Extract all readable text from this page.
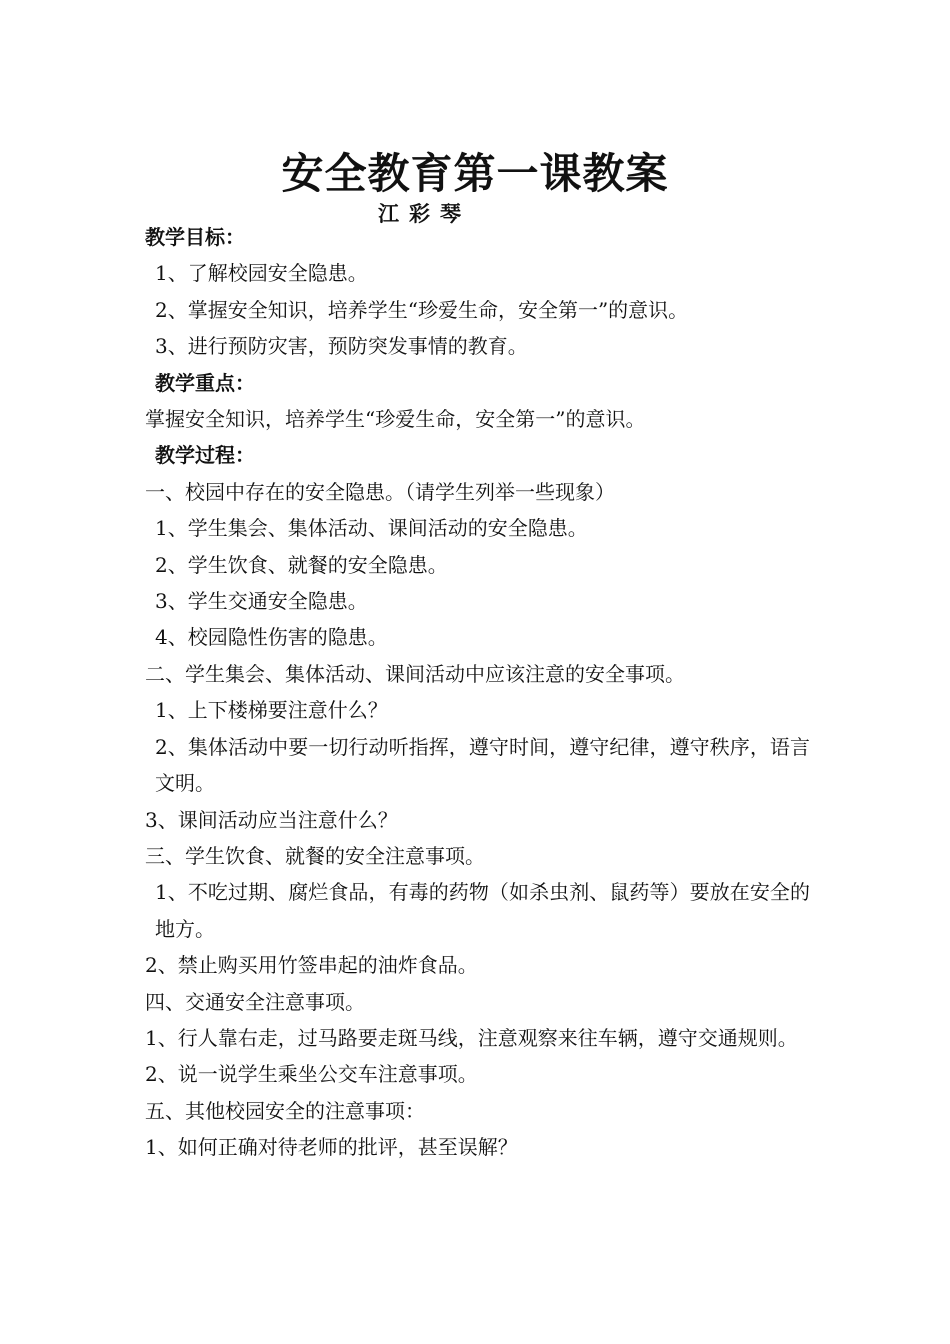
安全教育第一课教案
江彩琴
教学目标：
1、了解校园安全隐患。
2、掌握安全知识，培养学生“珍爱生命，安全第一”的意识。
3、进行预防灾害，预防突发事情的教育。
教学重点：
掌握安全知识，培养学生“珍爱生命，安全第一”的意识。
教学过程：
一、校园中存在的安全隐患。（请学生列举一些现象）
1、学生集会、集体活动、课间活动的安全隐患。
2、学生饮食、就餐的安全隐患。
3、学生交通安全隐患。
4、校园隐性伤害的隐患。
二、学生集会、集体活动、课间活动中应该注意的安全事项。
1、上下楼梯要注意什么？
2、集体活动中要一切行动听指挥，遵守时间，遵守纪律，遵守秩序，语言文明。
3、课间活动应当注意什么？
三、学生饮食、就餐的安全注意事项。
1、不吃过期、腐烂食品，有毒的药物（如杀虫剂、鼠药等）要放在安全的地方。
2、禁止购买用竹签串起的油炸食品。
四、交通安全注意事项。
1、行人靠右走，过马路要走斑马线，注意观察来往车辆，遵守交通规则。
2、说一说学生乘坐公交车注意事项。
五、其他校园安全的注意事项：
1、如何正确对待老师的批评，甚至误解？
